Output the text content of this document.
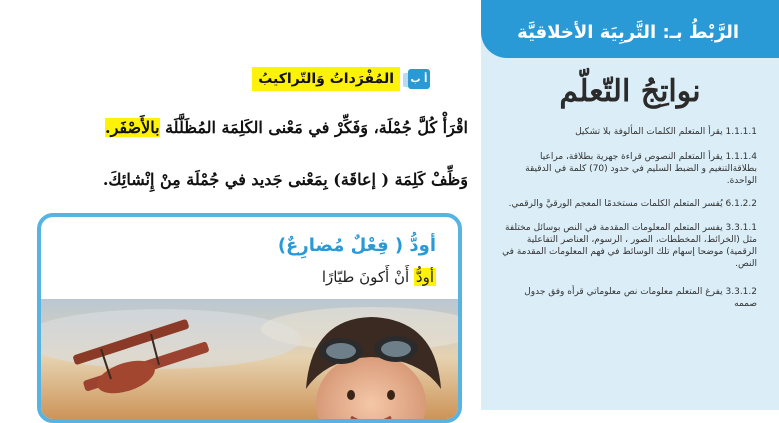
الرَّبْطُ بـ: التَّربِيَة الأخلاقيَّة
نواتِجُ التّعلّم
1.1.1.1 يقرأ المتعلم الكلمات المألوفة بلا تشكيل
1.1.1.4 يقرأ المتعلم النصوص قراءة جهرية بطلاقة، مراعيا بطلاقةالتنغيم و الضبط السليم في حدود (70) كلمة في الدقيقة الواحدة.
6.1.2.2 يُفسر المتعلم الكلمات مستخدمًا المعجم الورقيَّ والرقمي.
3.3.1.1 يفسر المتعلم المعلومات المقدمة في النص بوسائل مختلفة مثل (الخرائط، المخططات، الصور ، الرسوم، العناصر التفاعلية الرقمية) موضحا إسهام تلك الوسائط في فهم المعلومات المقدمة في النص.
3.3.1.2 يفرغ المتعلم معلومات نص معلوماتي قرأه وفق جدول صممه
أ ب
المُفْرَداتُ وَالتّراكيبُ
اقْرَأْ كُلَّ جُمْلَة، وَفَكِّرْ في مَعْنى الكَلِمَة المُظَلَّلَة بالأَصْفَر.
وَظِّفْ كَلِمَة ( إعاقَة) بِمَعْنى جَديد في جُمْلَة مِنْ إِنْشائِكَ.
أودُّ ( فِعْلٌ مُضارِعٌ)
أودُّ أَنْ أَكونَ طيّارًا
